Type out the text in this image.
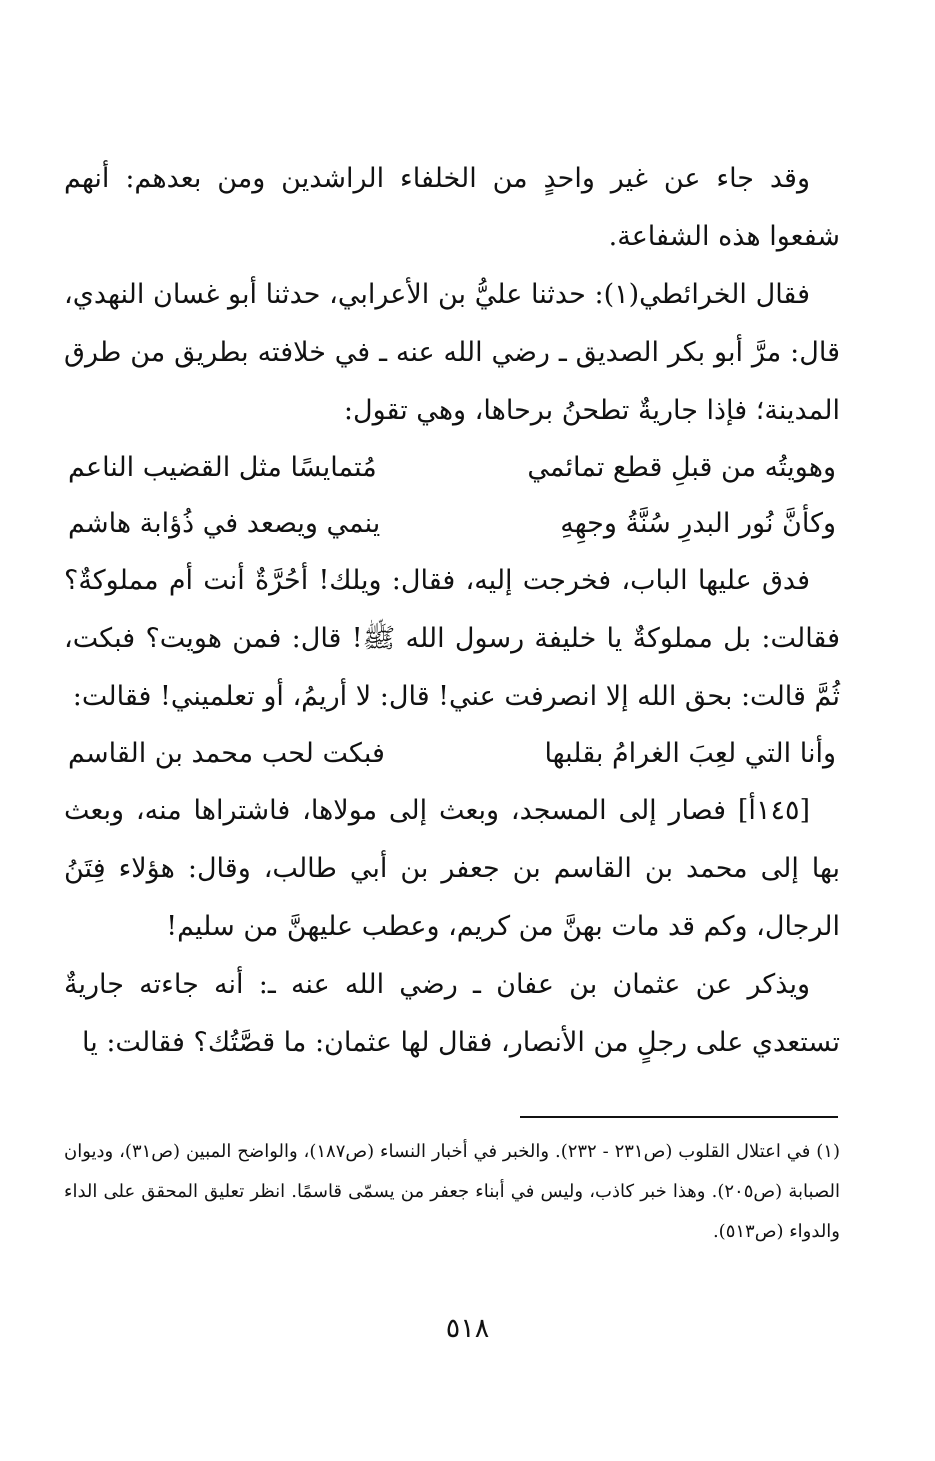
وقد جاء عن غير واحدٍ من الخلفاء الراشدين ومن بعدهم: أنهم شفعوا هذه الشفاعة.

فقال الخرائطي(١): حدثنا عليُّ بن الأعرابي، حدثنا أبو غسان النهدي، قال: مرَّ أبو بكر الصديق ـ رضي الله عنه ـ في خلافته بطريق من طرق المدينة؛ فإذا جاريةٌ تطحنُ برحاها، وهي تقول:

وهويتُه من قبلِ قطع تمائمي
مُتمايسًا مثل القضيب الناعم
وكأنَّ نُور البدرِ سُنَّةُ وجهِهِ
ينمي ويصعد في ذُؤابة هاشم

فدق عليها الباب، فخرجت إليه، فقال: ويلك! أحُرَّةٌ أنت أم مملوكةٌ؟ فقالت: بل مملوكةٌ يا خليفة رسول الله ﷺ! قال: فمن هويت؟ فبكت، ثُمَّ قالت: بحق الله إلا انصرفت عني! قال: لا أريمُ، أو تعلميني! فقالت:

وأنا التي لعِبَ الغرامُ بقلبها
فبكت لحب محمد بن القاسم

[١٤٥أ] فصار إلى المسجد، وبعث إلى مولاها، فاشتراها منه، وبعث بها إلى محمد بن القاسم بن جعفر بن أبي طالب، وقال: هؤلاء فِتَنُ الرجال، وكم قد مات بهنَّ من كريم، وعطب عليهنَّ من سليم!

ويذكر عن عثمان بن عفان ـ رضي الله عنه ـ: أنه جاءته جاريةٌ تستعدي على رجلٍ من الأنصار، فقال لها عثمان: ما قصَّتُك؟ فقالت: يا

(١) في اعتلال القلوب (ص٢٣١ - ٢٣٢). والخبر في أخبار النساء (ص١٨٧)، والواضح المبين (ص٣١)، وديوان الصبابة (ص٢٠٥). وهذا خبر كاذب، وليس في أبناء جعفر من يسمّى قاسمًا. انظر تعليق المحقق على الداء والدواء (ص٥١٣).

٥١٨
